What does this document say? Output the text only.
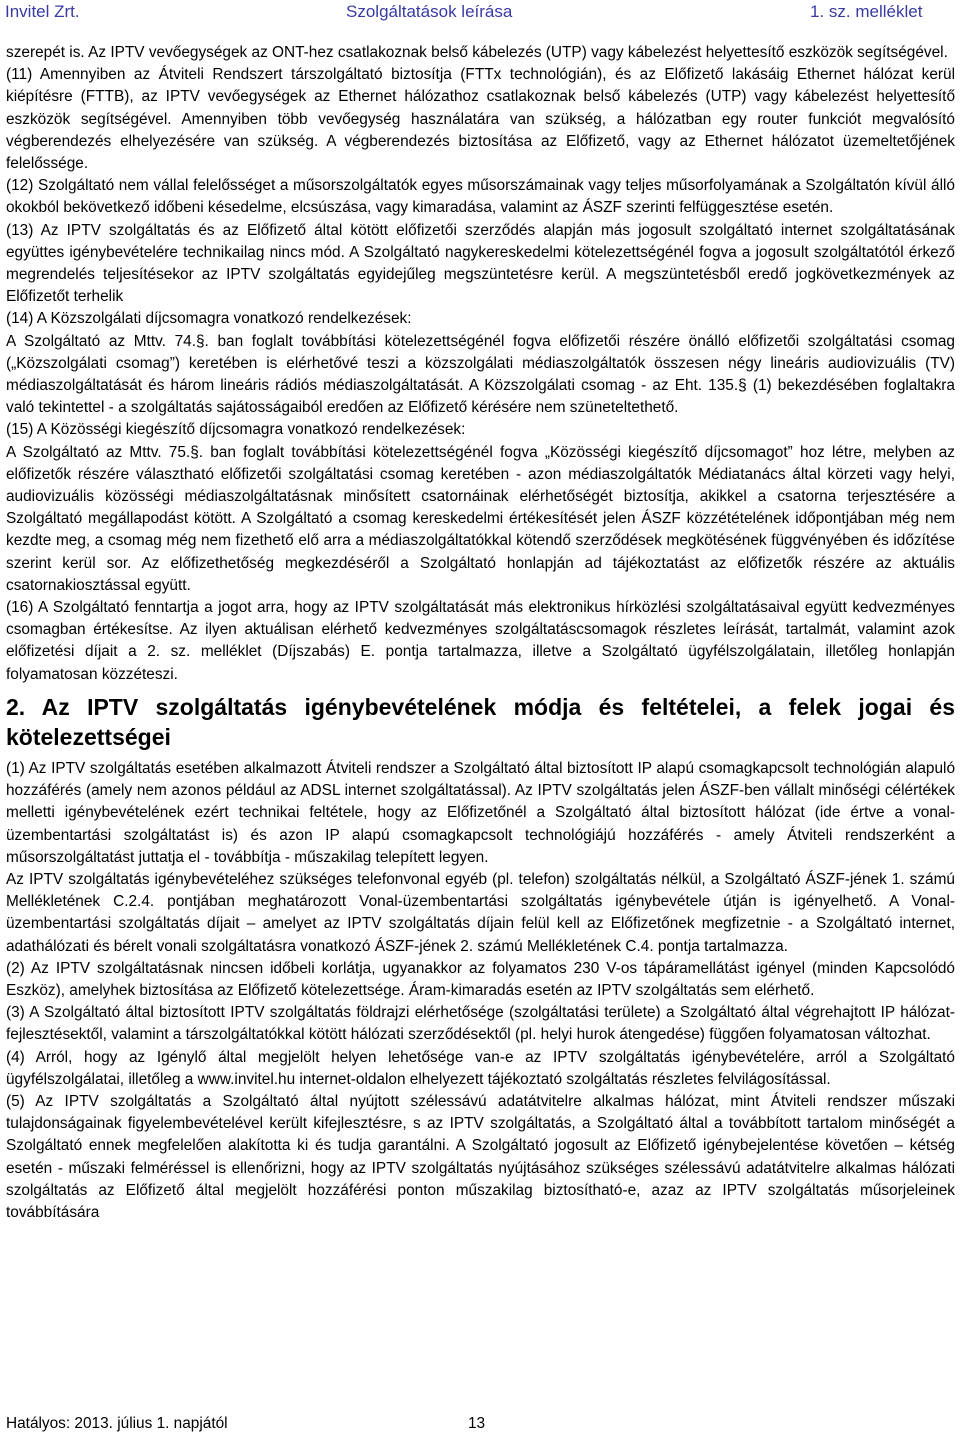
Invitel Zrt.	Szolgáltatások leírása	1. sz. melléklet

szerepét is. Az IPTV vevőegységek az ONT-hez csatlakoznak belső kábelezés (UTP) vagy kábelezést helyettesítő eszközök segítségével.

(11) Amennyiben az Átviteli Rendszert társzolgáltató biztosítja (FTTx technológián), és az Előfizető lakásáig Ethernet hálózat kerül kiépítésre (FTTB), az IPTV vevőegységek az Ethernet hálózathoz csatlakoznak belső kábelezés (UTP) vagy kábelezést helyettesítő eszközök segítségével. Amennyiben több vevőegység használatára van szükség, a hálózatban egy router funkciót megvalósító végberendezés elhelyezésére van szükség. A végberendezés biztosítása az Előfizető, vagy az Ethernet hálózatot üzemeltetőjének felelőssége.

(12) Szolgáltató nem vállal felelősséget a műsorszolgáltatók egyes műsorszámainak vagy teljes műsorfolyamának a Szolgáltatón kívül álló okokból bekövetkező időbeni késedelme, elcsúszása, vagy kimaradása, valamint az ÁSZF szerinti felfüggesztése esetén.

(13) Az IPTV szolgáltatás és az Előfizető által kötött előfizetői szerződés alapján más jogosult szolgáltató internet szolgáltatásának együttes igénybevételére technikailag nincs mód. A Szolgáltató nagykereskedelmi kötelezettségénél fogva a jogosult szolgáltatótól érkező megrendelés teljesítésekor az IPTV szolgáltatás egyidejűleg megszüntetésre kerül. A megszüntetésből eredő jogkövetkezmények az Előfizetőt terhelik

(14) A Közszolgálati díjcsomagra vonatkozó rendelkezések:

A Szolgáltató az Mttv. 74.§. ban foglalt továbbítási kötelezettségénél fogva előfizetői részére önálló előfizetői szolgáltatási csomag („Közszolgálati csomag”) keretében is elérhetővé teszi a közszolgálati médiaszolgáltatók összesen négy lineáris audiovizuális (TV) médiaszolgáltatását és három lineáris rádiós médiaszolgáltatását. A Közszolgálati csomag - az Eht. 135.§ (1) bekezdésében foglaltakra való tekintettel - a szolgáltatás sajátosságaiból eredően az Előfizető kérésére nem szüneteltethető.

(15) A Közösségi kiegészítő díjcsomagra vonatkozó rendelkezések:

A Szolgáltató az Mttv. 75.§. ban foglalt továbbítási kötelezettségénél fogva „Közösségi kiegészítő díjcsomagot” hoz létre, melyben az előfizetők részére választható előfizetői szolgáltatási csomag keretében - azon médiaszolgáltatók Médiatanács által körzeti vagy helyi, audiovizuális közösségi médiaszolgáltatásnak minősített csatornáinak elérhetőségét biztosítja, akikkel a csatorna terjesztésére a Szolgáltató megállapodást kötött. A Szolgáltató a csomag kereskedelmi értékesítését jelen ÁSZF közzétételének időpontjában még nem kezdte meg, a csomag még nem fizethető elő arra a médiaszolgáltatókkal kötendő szerződések megkötésének függvényében és időzítése szerint kerül sor. Az előfizethetőség megkezdéséről a Szolgáltató honlapján ad tájékoztatást az előfizetők részére az aktuális csatornakiosztással együtt.

(16) A Szolgáltató fenntartja a jogot arra, hogy az IPTV szolgáltatását más elektronikus hírközlési szolgáltatásaival együtt kedvezményes csomagban értékesítse. Az ilyen aktuálisan elérhető kedvezményes szolgáltatáscsomagok részletes leírását, tartalmát, valamint azok előfizetési díjait a 2. sz. melléklet (Díjszabás) E. pontja tartalmazza, illetve a Szolgáltató ügyfélszolgálatain, illetőleg honlapján folyamatosan közzéteszi.

2. Az IPTV szolgáltatás igénybevételének módja és feltételei, a felek jogai és kötelezettségei

(1) Az IPTV szolgáltatás esetében alkalmazott Átviteli rendszer a Szolgáltató által biztosított IP alapú csomagkapcsolt technológián alapuló hozzáférés (amely nem azonos például az ADSL internet szolgáltatással). Az IPTV szolgáltatás jelen ÁSZF-ben vállalt minőségi célértékek melletti igénybevételének ezért technikai feltétele, hogy az Előfizetőnél a Szolgáltató által biztosított hálózat (ide értve a vonal-üzembentartási szolgáltatást is) és azon IP alapú csomagkapcsolt technológiájú hozzáférés - amely Átviteli rendszerként a műsorszolgáltatást juttatja el - továbbítja - műszakilag telepített legyen.

Az IPTV szolgáltatás igénybevételéhez szükséges telefonvonal egyéb (pl. telefon) szolgáltatás nélkül, a Szolgáltató ÁSZF-jének 1. számú Mellékletének C.2.4. pontjában meghatározott Vonal-üzembentartási szolgáltatás igénybevétele útján is igényelhető. A Vonal-üzembentartási szolgáltatás díjait – amelyet az IPTV szolgáltatás díjain felül kell az Előfizetőnek megfizetnie - a Szolgáltató internet, adathálózati és bérelt vonali szolgáltatásra vonatkozó ÁSZF-jének 2. számú Mellékletének C.4. pontja tartalmazza.

(2) Az IPTV szolgáltatásnak nincsen időbeli korlátja, ugyanakkor az folyamatos 230 V-os tápáramellátást igényel (minden Kapcsolódó Eszköz), amelyhek biztosítása az Előfizető kötelezettsége. Áram-kimaradás esetén az IPTV szolgáltatás sem elérhető.

(3) A Szolgáltató által biztosított IPTV szolgáltatás földrajzi elérhetősége (szolgáltatási területe) a Szolgáltató által végrehajtott IP hálózat-fejlesztésektől, valamint a társzolgáltatókkal kötött hálózati szerződésektől (pl. helyi hurok átengedése) függően folyamatosan változhat.

(4) Arról, hogy az Igénylő által megjelölt helyen lehetősége van-e az IPTV szolgáltatás igénybevételére, arról a Szolgáltató ügyfélszolgálatai, illetőleg a www.invitel.hu internet-oldalon elhelyezett tájékoztató szolgáltatás részletes felvilágosítással.

(5) Az IPTV szolgáltatás a Szolgáltató által nyújtott szélessávú adatátvitelre alkalmas hálózat, mint Átviteli rendszer műszaki tulajdonságainak figyelembevételével került kifejlesztésre, s az IPTV szolgáltatás, a Szolgáltató által a továbbított tartalom minőségét a Szolgáltató ennek megfelelően alakította ki és tudja garantálni. A Szolgáltató jogosult az Előfizető igénybejelentése követően – kétség esetén - műszaki felméréssel is ellenőrizni, hogy az IPTV szolgáltatás nyújtásához szükséges szélessávú adatátvitelre alkalmas hálózati szolgáltatás az Előfizető által megjelölt hozzáférési ponton műszakilag biztosítható-e, azaz az IPTV szolgáltatás műsorjeleinek továbbítására

Hatályos: 2013. július 1. napjától	13
